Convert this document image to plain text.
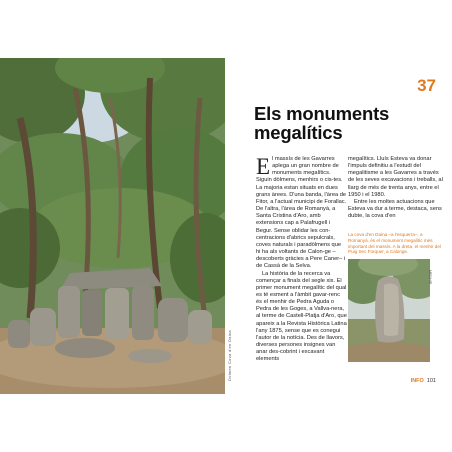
Dolmen Cova d'en Daina
37
Els monuments megalítics

El massís de les Gavarres aplega un gran nombre de monuments megalítics. Siguin dòlmens, menhirs o cis-tes. La majoria estan situats en dues grans àrees. D'una banda, l'àrea de Fitor, a l'actual municipi de Forallac. De l'altra, l'àrea de Romanyà, a Santa Cristina d'Aro, amb extensions cap a Palafrugell i Begur. Sense oblidar les con-centracions d'abrics sepulcrals, coves naturals i paradòlmens que hi ha als voltants de Calon-ge –descoberts gràcies a Pere Caner– i de Cassà de la Selva.

La història de la recerca va començar a finals del segle xix. El primer monument megalític del qual es té esment a l'àmbit gavar-renc és el menhir de Pedra Aguda o Pedra de les Goges, a Vallva-nera, al terme de Castell-Platja d'Aro, que apareix a la Revista Històrica Latina l'any 1875, sense que es conegui l'autor de la notícia. Des de llavors, diverses persones insignes van anar des-cobrint i excavant elements

megalítics. Lluís Esteva va donar l'impuls definitiu a l'estudi del megalitisme a les Gavarres a través de les seves excavacions i treballs, al llarg de més de trenta anys, entre el 1950 i el 1980.

Entre les moltes actuacions que Esteva va dur a terme, destaca, sens dubte, la cova d'en

La cova d'en Daina –a l'esquerra–, a Romanyà, és el monument megalític més important del massís. A la dreta, el menhir del Puig Sec Forquer, a Calonge.
MENHIR
INFO 101
